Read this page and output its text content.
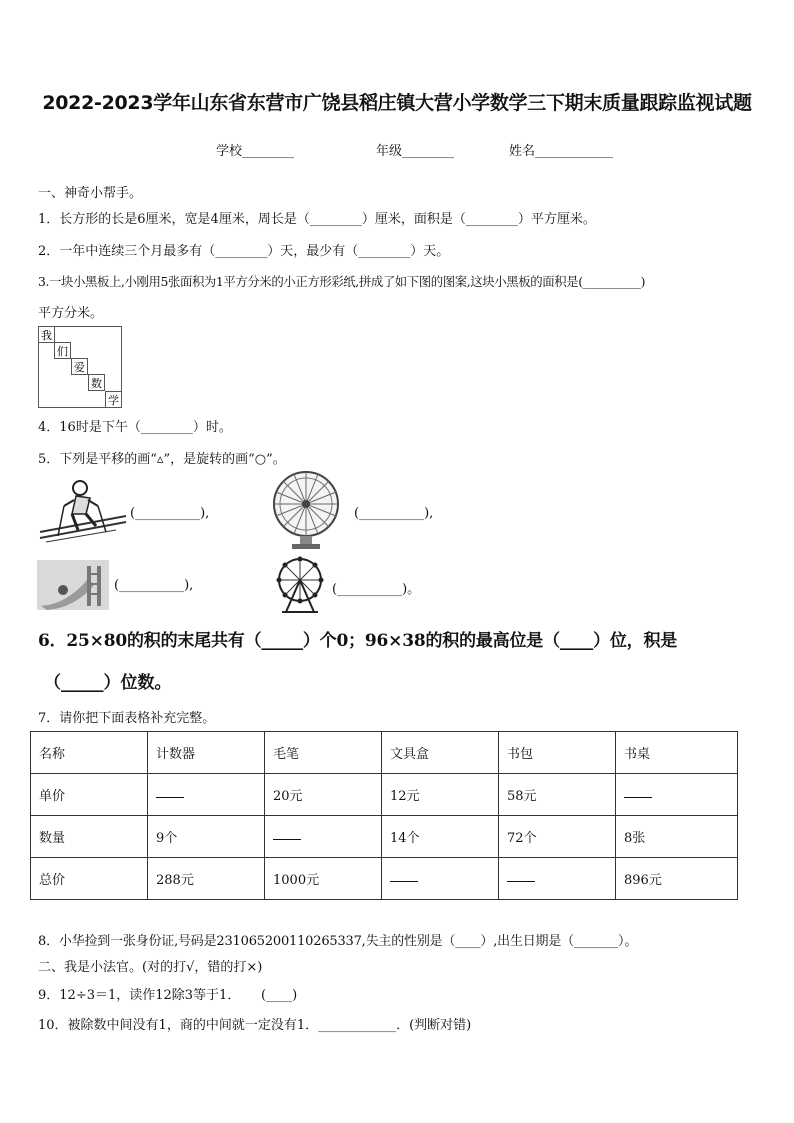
2022-2023学年山东省东营市广饶县稻庄镇大营小学数学三下期末质量跟踪监视试题
学校________	年级________	姓名____________
一、神奇小帮手。
1．长方形的长是6厘米，宽是4厘米，周长是（________）厘米，面积是（________）平方厘米。
2．一年中连续三个月最多有（________）天，最少有（________）天。
3.一块小黑板上,小刚用5张面积为1平方分米的小正方形彩纸,拼成了如下图的图案,这块小黑板的面积是(__________)
平方分米。
我
们
爱
数
学
4．16时是下午（________）时。
5．下列是平移的画“▵”，是旋转的画“○”。
(__________),	(__________),
(__________),	(__________)。
6．25×80的积的末尾共有（_____）个0；96×38的积的最高位是（____）位，积是
（_____）位数。
7．请你把下面表格补充完整。
名称	计数器	毛笔	文具盒	书包	书桌
单价		20元	12元	58元	
数量	9个		14个	72个	8张
总价	288元	1000元			896元
8．小华捡到一张身份证,号码是231065200110265337,失主的性别是（____）,出生日期是（_______）。
二、我是小法官。(对的打√，错的打×)
9．12÷3＝1，读作12除3等于1．     (____)
10．被除数中间没有1，商的中间就一定没有1．____________．(判断对错)
